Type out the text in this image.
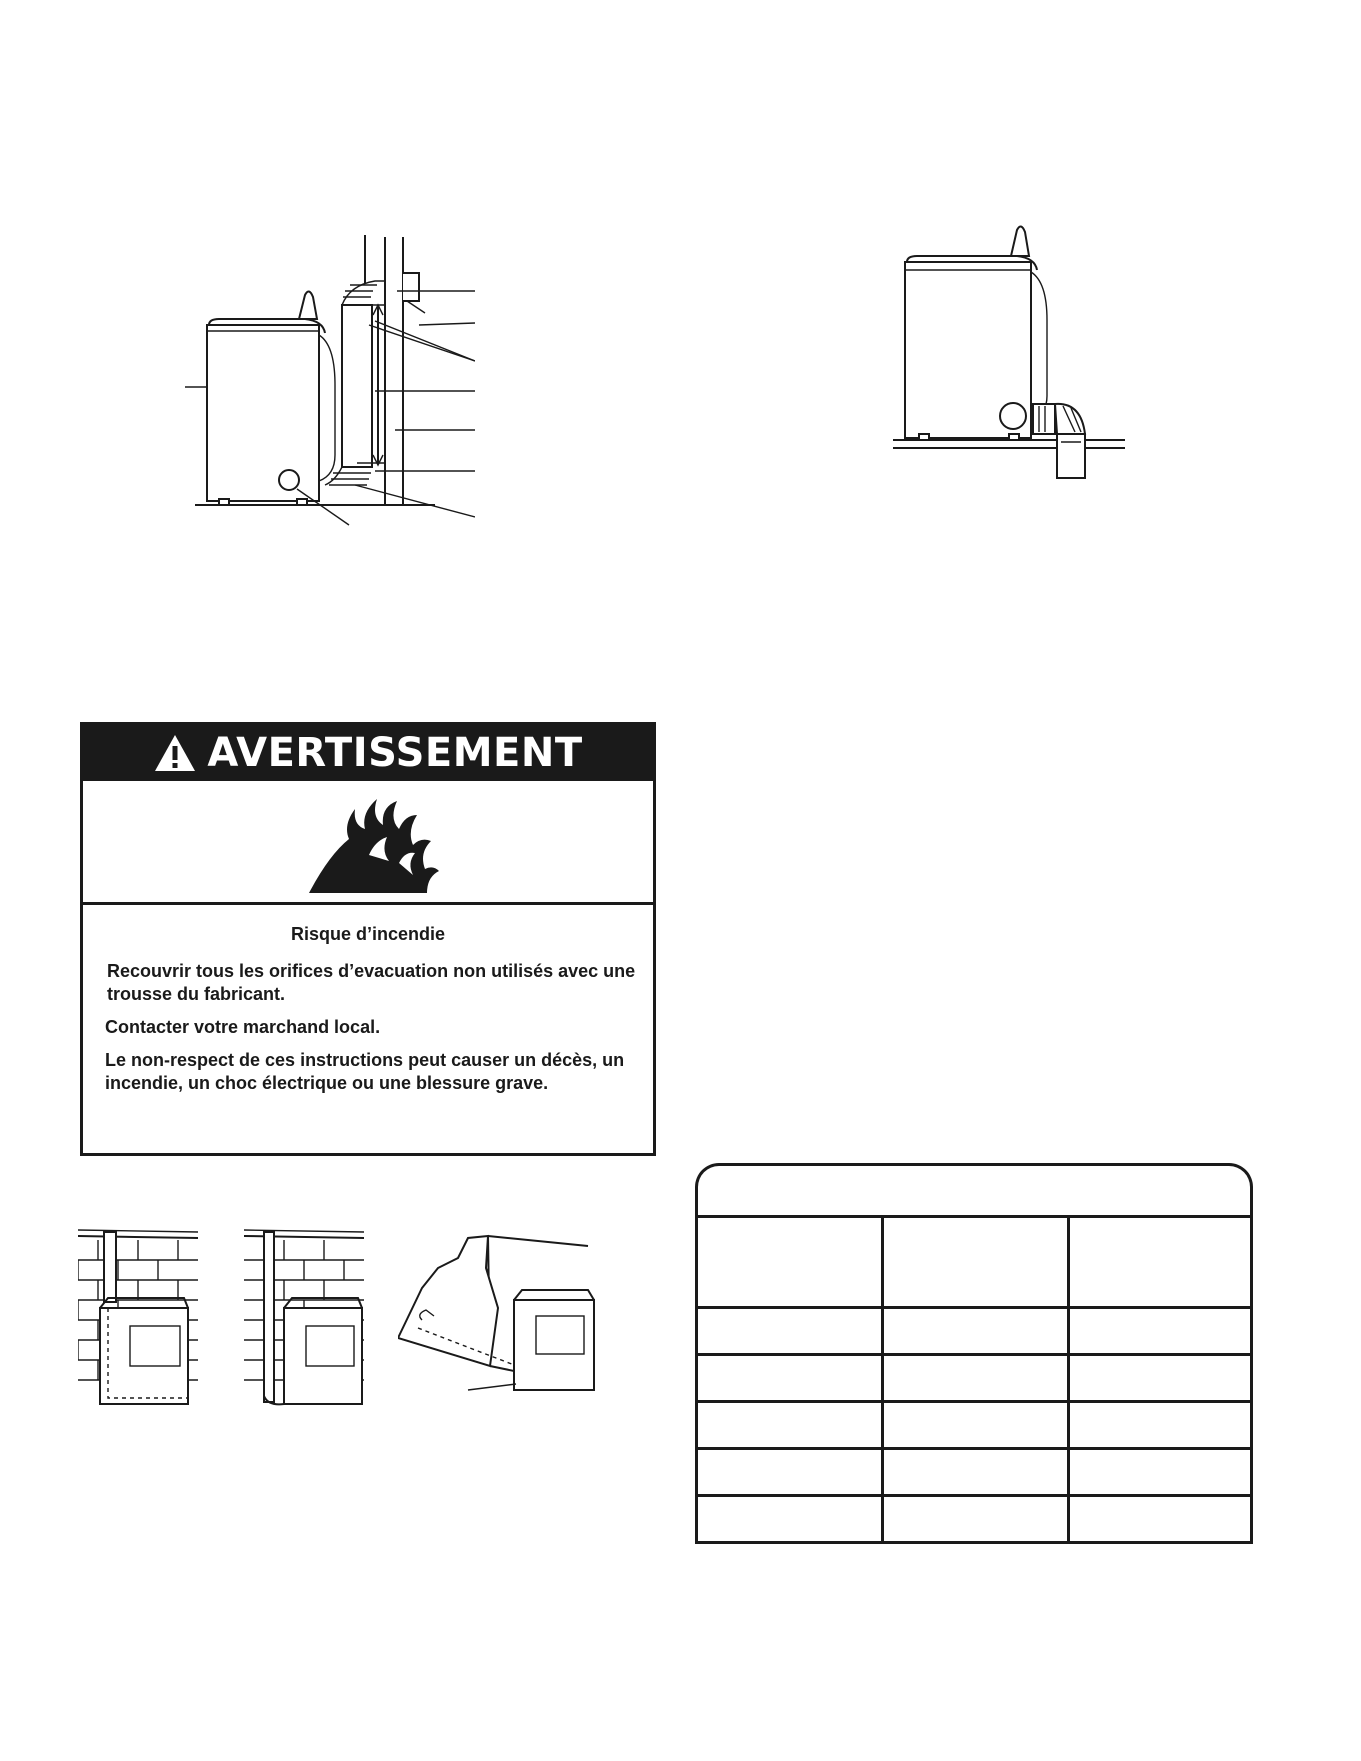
AVERTISSEMENT
Risque d’incendie
Recouvrir tous les orifices d’evacuation non utilisés avec une trousse du fabricant.
Contacter votre marchand local.
Le non-respect de ces instructions peut causer un décès, un incendie, un choc électrique ou une blessure grave.
